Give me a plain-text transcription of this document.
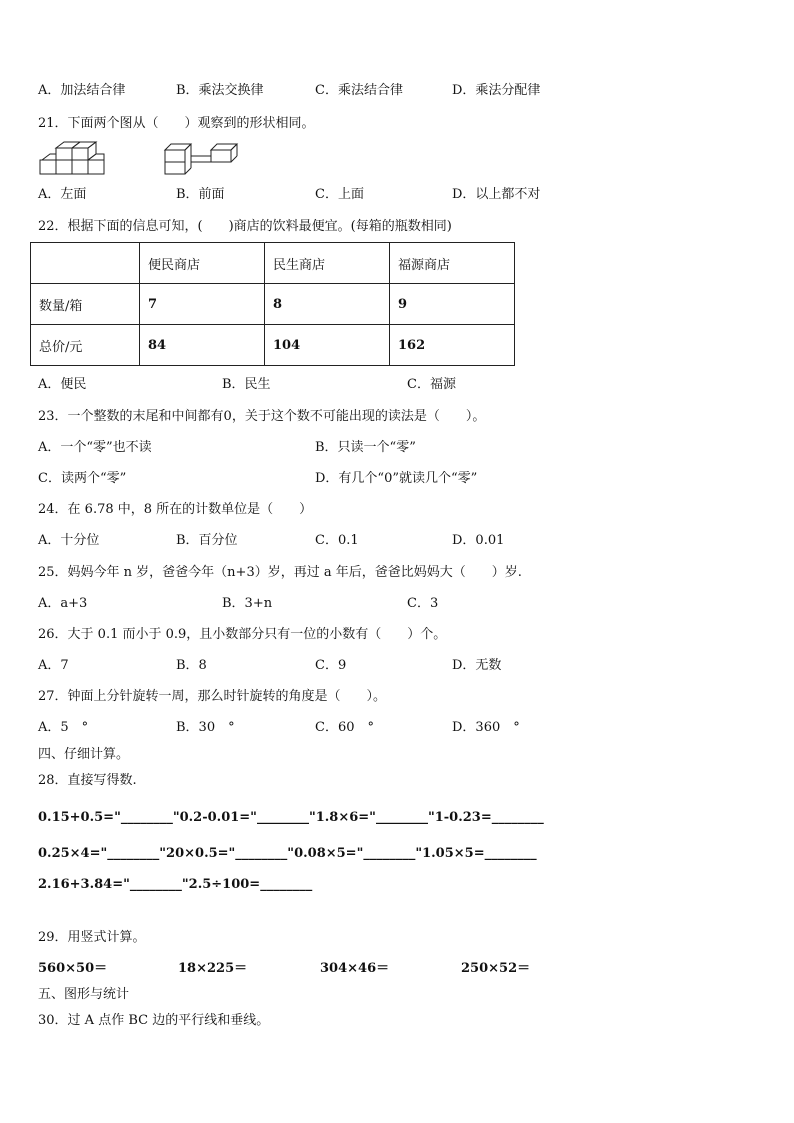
A．加法结合律	B．乘法交换律	C．乘法结合律	D．乘法分配律
21．下面两个图从（　　）观察到的形状相同。
A．左面	B．前面	C．上面	D．以上都不对
22．根据下面的信息可知，(　　)商店的饮料最便宜。(每箱的瓶数相同)
	便民商店	民生商店	福源商店
数量/箱	7	8	9
总价/元	84	104	162
A．便民	B．民生	C．福源
23．一个整数的末尾和中间都有0，关于这个数不可能出现的读法是（　　）。
A．一个“零”也不读	B．只读一个“零”
C．读两个“零”	D．有几个“0”就读几个“零”
24．在 6.78 中，8 所在的计数单位是（　　）
A．十分位	B．百分位	C．0.1	D．0.01
25．妈妈今年 n 岁，爸爸今年（n+3）岁，再过 a 年后，爸爸比妈妈大（　　）岁.
A．a+3	B．3+n	C．3
26．大于 0.1 而小于 0.9，且小数部分只有一位的小数有（　　）个。
A．7	B．8	C．9	D．无数
27．钟面上分针旋转一周，那么时针旋转的角度是（　　）。
A．5　°	B．30　°	C．60　°	D．360　°
四、仔细计算。
28．直接写得数.
0.15+0.5="________"0.2-0.01="________"1.8×6="________"1-0.23=________
0.25×4="________"20×0.5="________"0.08×5="________"1.05×5=________
2.16+3.84="________"2.5÷100=________
29．用竖式计算。
560×50＝	18×225＝	304×46＝	250×52＝
五、图形与统计
30．过 A 点作 BC 边的平行线和垂线。
